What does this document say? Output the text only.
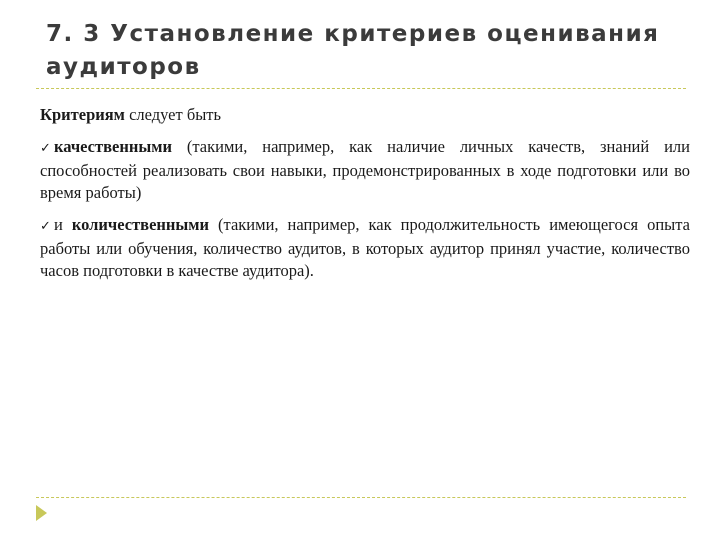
7. 3 Установление критериев оценивания аудиторов

Критериям следует быть

✓ качественными (такими, например, как наличие личных качеств, знаний или способностей реализовать свои навыки, продемонстрированных в ходе подготовки или во время работы)

✓ и количественными (такими, например, как продолжительность имеющегося опыта работы или обучения, количество аудитов, в которых аудитор принял участие, количество часов подготовки в качестве аудитора).
